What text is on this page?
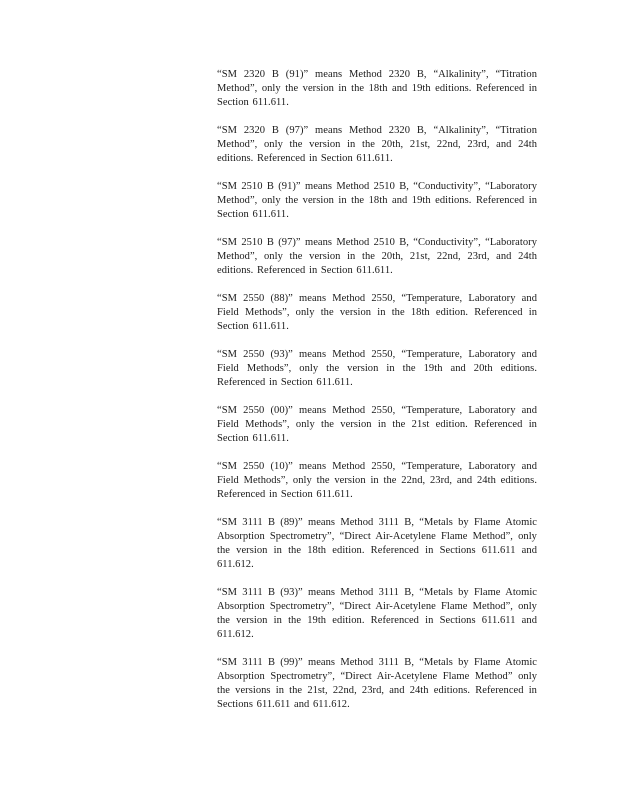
“SM 2320 B (91)” means Method 2320 B, “Alkalinity”, “Titration Method”, only the version in the 18th and 19th editions. Referenced in Section 611.611.

“SM 2320 B (97)” means Method 2320 B, “Alkalinity”, “Titration Method”, only the version in the 20th, 21st, 22nd, 23rd, and 24th editions. Referenced in Section 611.611.

“SM 2510 B (91)” means Method 2510 B, “Conductivity”, “Laboratory Method”, only the version in the 18th and 19th editions. Referenced in Section 611.611.

“SM 2510 B (97)” means Method 2510 B, “Conductivity”, “Laboratory Method”, only the version in the 20th, 21st, 22nd, 23rd, and 24th editions. Referenced in Section 611.611.

“SM 2550 (88)” means Method 2550, “Temperature, Laboratory and Field Methods”, only the version in the 18th edition. Referenced in Section 611.611.

“SM 2550 (93)” means Method 2550, “Temperature, Laboratory and Field Methods”, only the version in the 19th and 20th editions. Referenced in Section 611.611.

“SM 2550 (00)” means Method 2550, “Temperature, Laboratory and Field Methods”, only the version in the 21st edition. Referenced in Section 611.611.

“SM 2550 (10)” means Method 2550, “Temperature, Laboratory and Field Methods”, only the version in the 22nd, 23rd, and 24th editions. Referenced in Section 611.611.

“SM 3111 B (89)” means Method 3111 B, “Metals by Flame Atomic Absorption Spectrometry”, “Direct Air-Acetylene Flame Method”, only the version in the 18th edition. Referenced in Sections 611.611 and 611.612.

“SM 3111 B (93)” means Method 3111 B, “Metals by Flame Atomic Absorption Spectrometry”, “Direct Air-Acetylene Flame Method”, only the version in the 19th edition. Referenced in Sections 611.611 and 611.612.

“SM 3111 B (99)” means Method 3111 B, “Metals by Flame Atomic Absorption Spectrometry”, “Direct Air-Acetylene Flame Method” only the versions in the 21st, 22nd, 23rd, and 24th editions. Referenced in Sections 611.611 and 611.612.
